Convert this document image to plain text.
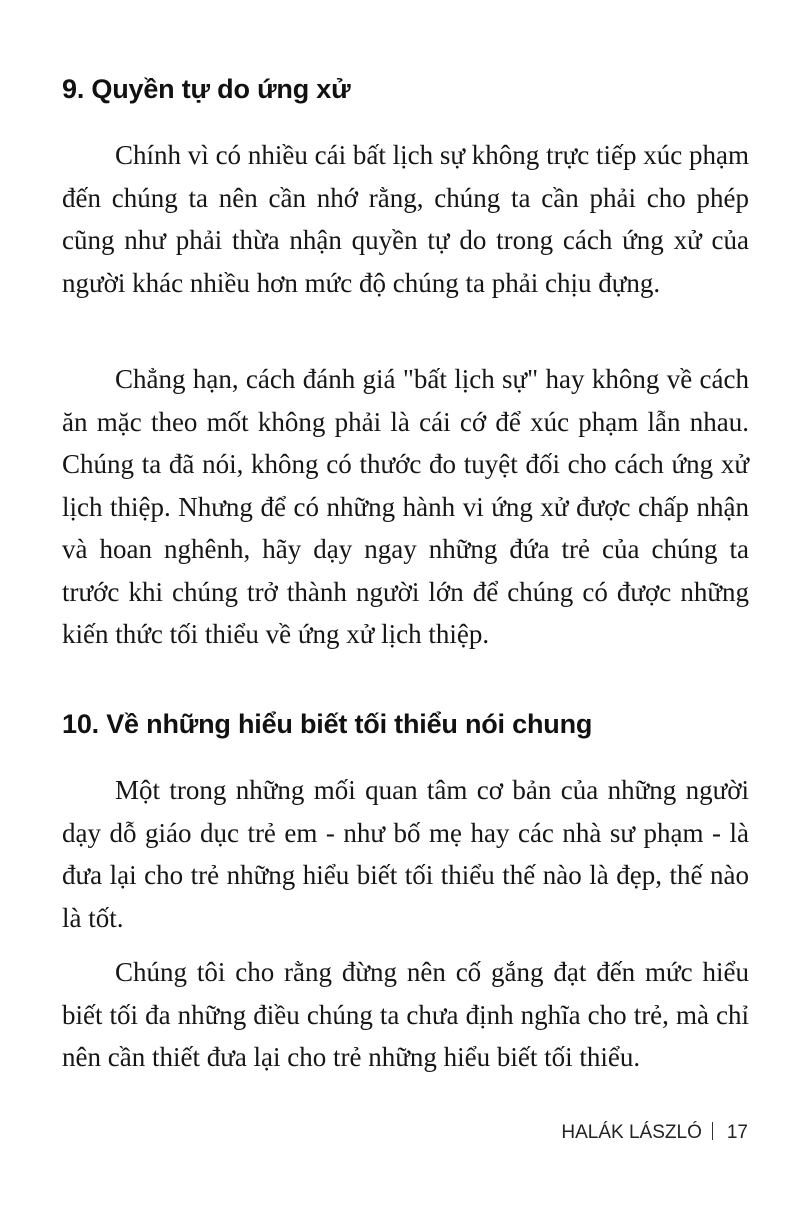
9. Quyền tự do ứng xử

Chính vì có nhiều cái bất lịch sự không trực tiếp xúc phạm đến chúng ta nên cần nhớ rằng, chúng ta cần phải cho phép cũng như phải thừa nhận quyền tự do trong cách ứng xử của người khác nhiều hơn mức độ chúng ta phải chịu đựng.

Chẳng hạn, cách đánh giá "bất lịch sự" hay không về cách ăn mặc theo mốt không phải là cái cớ để xúc phạm lẫn nhau. Chúng ta đã nói, không có thước đo tuyệt đối cho cách ứng xử lịch thiệp. Nhưng để có những hành vi ứng xử được chấp nhận và hoan nghênh, hãy dạy ngay những đứa trẻ của chúng ta trước khi chúng trở thành người lớn để chúng có được những kiến thức tối thiểu về ứng xử lịch thiệp.

10. Về những hiểu biết tối thiểu nói chung

Một trong những mối quan tâm cơ bản của những người dạy dỗ giáo dục trẻ em - như bố mẹ hay các nhà sư phạm - là đưa lại cho trẻ những hiểu biết tối thiểu thế nào là đẹp, thế nào là tốt.

Chúng tôi cho rằng đừng nên cố gắng đạt đến mức hiểu biết tối đa những điều chúng ta chưa định nghĩa cho trẻ, mà chỉ nên cần thiết đưa lại cho trẻ những hiểu biết tối thiểu.

HALÁK LÁSZLÓ 17
